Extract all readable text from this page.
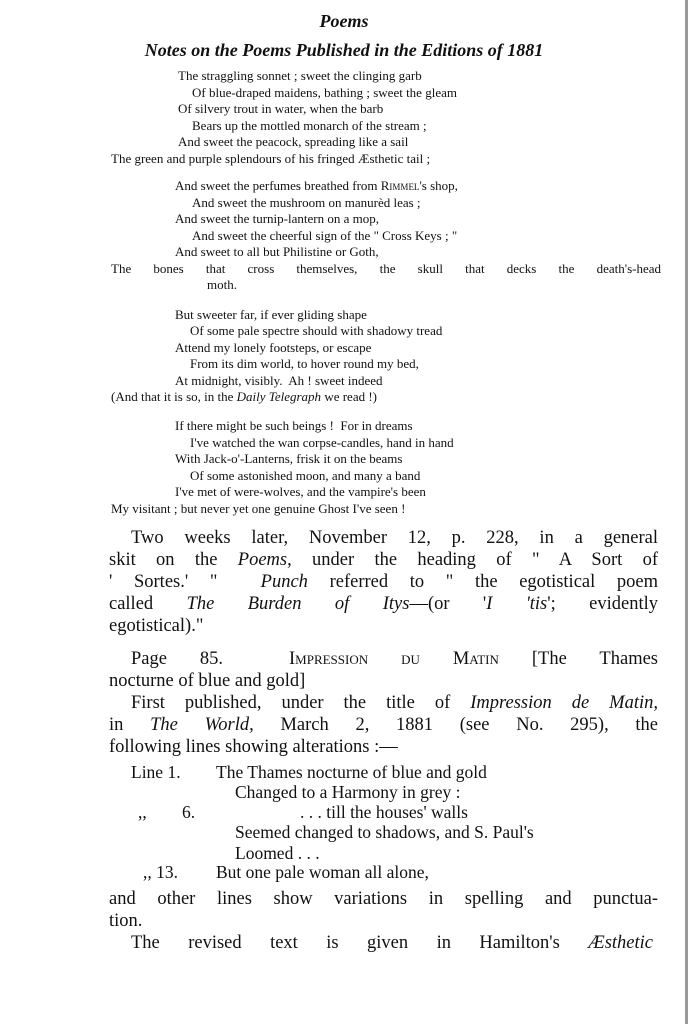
Poems
Notes on the Poems Published in the Editions of 1881
The straggling sonnet ; sweet the clinging garb
Of blue-draped maidens, bathing ; sweet the gleam
Of silvery trout in water, when the barb
Bears up the mottled monarch of the stream ;
And sweet the peacock, spreading like a sail
The green and purple splendours of his fringed Æsthetic tail ;
And sweet the perfumes breathed from Rimmel's shop,
And sweet the mushroom on manurèd leas ;
And sweet the turnip-lantern on a mop,
And sweet the cheerful sign of the " Cross Keys ; "
And sweet to all but Philistine or Goth,
The bones that cross themselves, the skull that decks the death's-head
moth.
But sweeter far, if ever gliding shape
Of some pale spectre should with shadowy tread
Attend my lonely footsteps, or escape
From its dim world, to hover round my bed,
At midnight, visibly.  Ah ! sweet indeed
(And that it is so, in the Daily Telegraph we read !)
If there might be such beings !  For in dreams
I've watched the wan corpse-candles, hand in hand
With Jack-o'-Lanterns, frisk it on the beams
Of some astonished moon, and many a band
I've met of were-wolves, and the vampire's been
My visitant ; but never yet one genuine Ghost I've seen !
Two weeks later, November 12, p. 228, in a general
skit on the Poems, under the heading of " A Sort of
' Sortes.' "  Punch referred to " the egotistical poem
called The Burden of Itys—(or 'I 'tis'; evidently
egotistical)."
Page 85.  Impression du Matin [The Thames
nocturne of blue and gold]
First published, under the title of Impression de Matin,
in The World, March 2, 1881 (see No. 295), the
following lines showing alterations :—
Line 1. The Thames nocturne of blue and gold
Changed to a Harmony in grey :
,, 6.	. . . till the houses' walls
Seemed changed to shadows, and S. Paul's
Loomed . . .
,, 13. But one pale woman all alone,
and other lines show variations in spelling and punctua-
tion.
The revised text is given in Hamilton's Æsthetic
